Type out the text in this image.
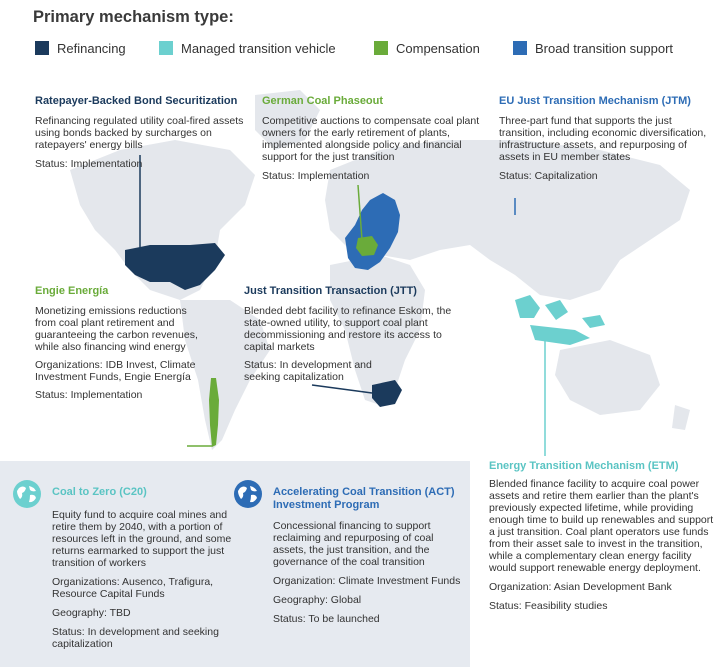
Primary mechanism type:
Refinancing	Managed transition vehicle	Compensation	Broad transition support
Ratepayer-Backed Bond Securitization
Refinancing regulated utility coal-fired assets using bonds backed by surcharges on ratepayers' energy bills
Status: Implementation
German Coal Phaseout
Competitive auctions to compensate coal plant owners for the early retirement of plants, implemented alongside policy and financial support for the just transition
Status: Implementation
EU Just Transition Mechanism (JTM)
Three-part fund that supports the just transition, including economic diversification, infrastructure assets, and repurposing of assets in EU member states
Status: Capitalization
Engie Energía
Monetizing emissions reductions from coal plant retirement and guaranteeing the carbon revenues, while also financing wind energy
Organizations: IDB Invest, Climate Investment Funds, Engie Energía
Status: Implementation
Just Transition Transaction (JTT)
Blended debt facility to refinance Eskom, the state-owned utility, to support coal plant decommissioning and restore its access to capital markets
Status: In development and seeking capitalization
Energy Transition Mechanism (ETM)
Blended finance facility to acquire coal power assets and retire them earlier than the plant's previously expected lifetime, while providing enough time to build up renewables and support a just transition. Coal plant operators use funds from their asset sale to invest in the transition, while a complementary clean energy facility would support renewable energy deployment.
Organization: Asian Development Bank
Status: Feasibility studies
Coal to Zero (C20)
Equity fund to acquire coal mines and retire them by 2040, with a portion of resources left in the ground, and some returns earmarked to support the just transition of workers
Organizations: Ausenco, Trafigura, Resource Capital Funds
Geography: TBD
Status: In development and seeking capitalization
Accelerating Coal Transition (ACT) Investment Program
Concessional financing to support reclaiming and repurposing of coal assets, the just transition, and the governance of the coal transition
Organization: Climate Investment Funds
Geography: Global
Status: To be launched
